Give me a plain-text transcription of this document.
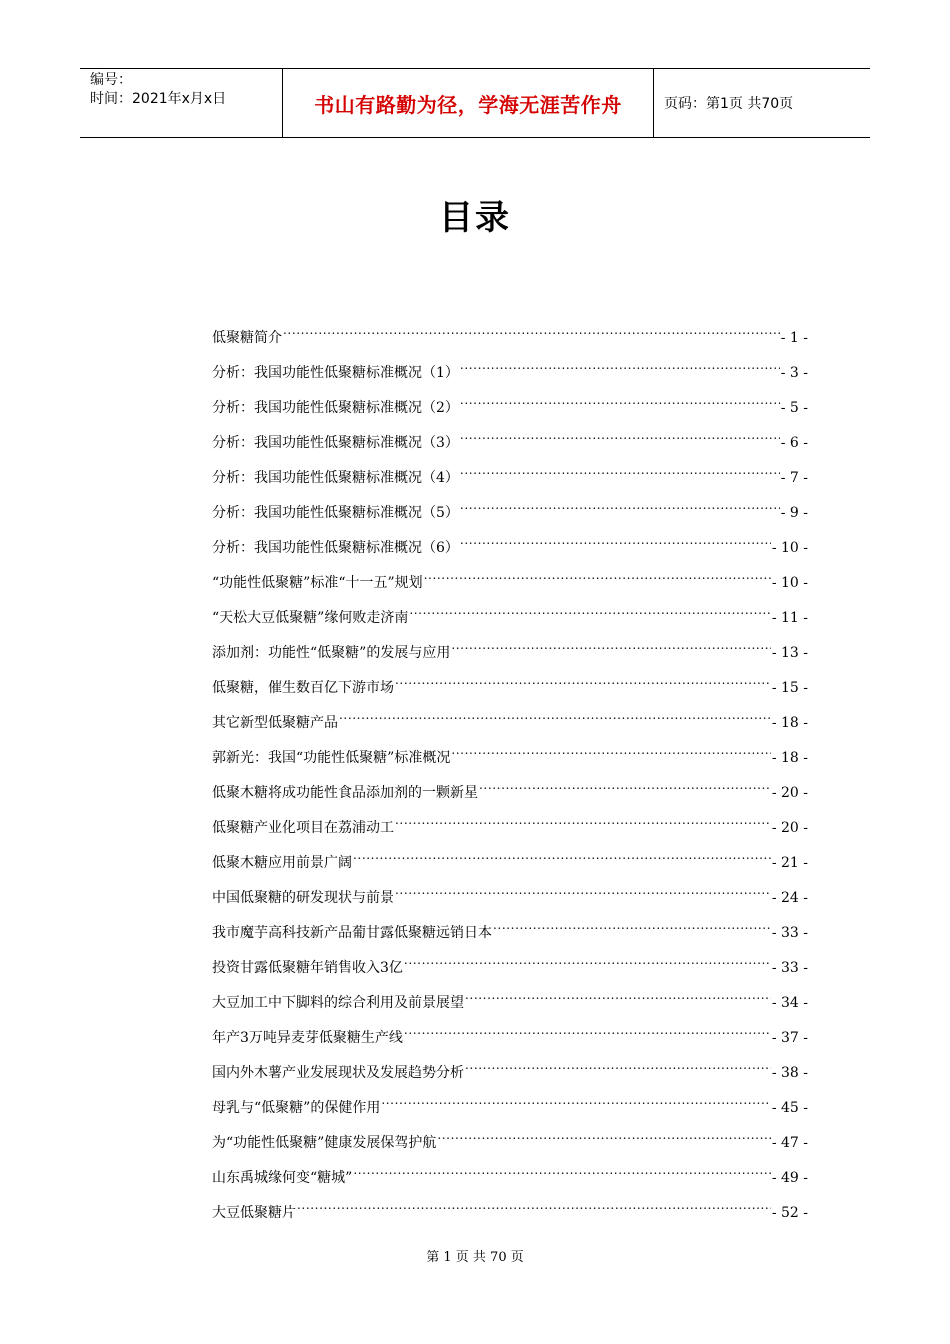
编号：
时间：2021年x月x日	书山有路勤为径，学海无涯苦作舟	页码：第1页 共70页
目录
低聚糖简介 .....	- 1 -
分析：我国功能性低聚糖标准概况（1） .....	- 3 -
分析：我国功能性低聚糖标准概况（2） .....	- 5 -
分析：我国功能性低聚糖标准概况（3） .....	- 6 -
分析：我国功能性低聚糖标准概况（4） .....	- 7 -
分析：我国功能性低聚糖标准概况（5） .....	- 9 -
分析：我国功能性低聚糖标准概况（6） .....	- 10 -
“功能性低聚糖”标准“十一五”规划 .....	- 10 -
“天松大豆低聚糖”缘何败走济南 .....	- 11 -
添加剂：功能性“低聚糖”的发展与应用 .....	- 13 -
低聚糖，催生数百亿下游市场 .....	- 15 -
其它新型低聚糖产品 .....	- 18 -
郭新光：我国“功能性低聚糖”标准概况 .....	- 18 -
低聚木糖将成功能性食品添加剂的一颗新星 .....	- 20 -
低聚糖产业化项目在荔浦动工 .....	- 20 -
低聚木糖应用前景广阔 .....	- 21 -
中国低聚糖的研发现状与前景 .....	- 24 -
我市魔芋高科技新产品葡甘露低聚糖远销日本 .....	- 33 -
投资甘露低聚糖年销售收入3亿 .....	- 33 -
大豆加工中下脚料的综合利用及前景展望 .....	- 34 -
年产3万吨异麦芽低聚糖生产线 .....	- 37 -
国内外木薯产业发展现状及发展趋势分析 .....	- 38 -
母乳与“低聚糖”的保健作用 .....	- 45 -
为“功能性低聚糖”健康发展保驾护航 .....	- 47 -
山东禹城缘何变“糖城” .....	- 49 -
大豆低聚糖片 .....	- 52 -
第 1 页 共 70 页
